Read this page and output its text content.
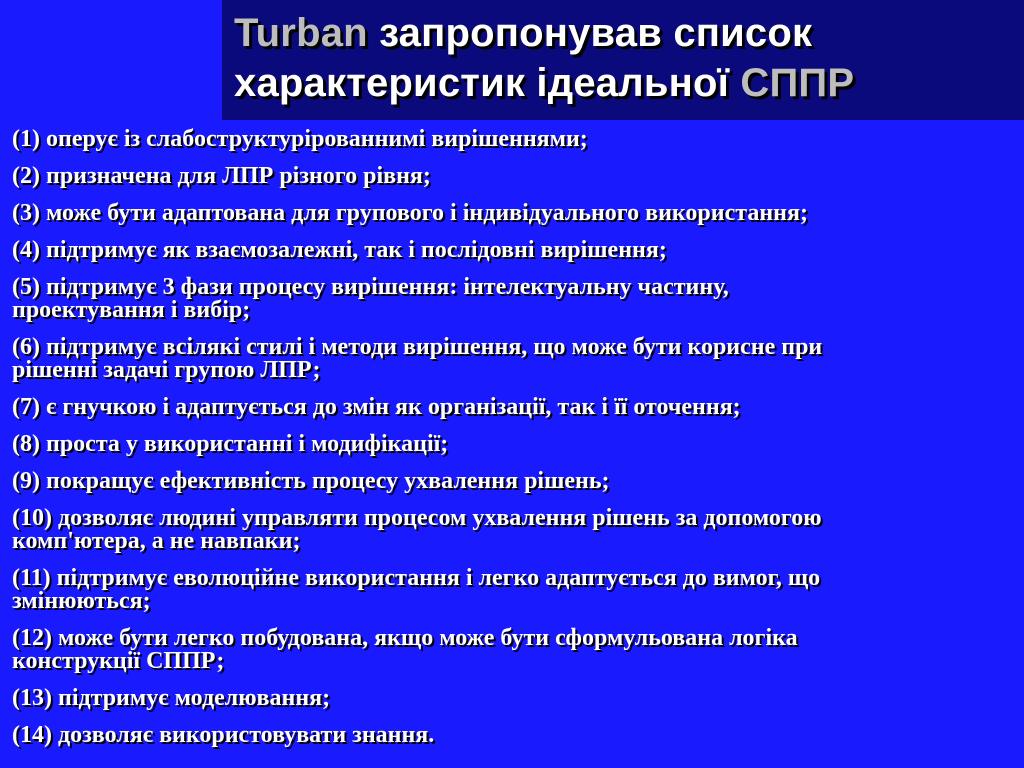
Turban запропонував список
характеристик ідеальної СППР
(1) оперує із слабоструктурірованнимі вирішеннями;
(2) призначена для ЛПР різного рівня;
(3) може бути адаптована для групового і індивідуального використання;
(4) підтримує як взаємозалежні, так і послідовні вирішення;
(5) підтримує 3 фази процесу вирішення: інтелектуальну частину,
проектування і вибір;
(6) підтримує всілякі стилі і методи вирішення, що може бути корисне при
рішенні задачі групою ЛПР;
(7) є гнучкою і адаптується до змін як організації, так і її оточення;
(8) проста у використанні і модифікації;
(9) покращує ефективність процесу ухвалення рішень;
(10) дозволяє людині управляти процесом ухвалення рішень за допомогою
комп'ютера, а не навпаки;
(11) підтримує еволюційне використання і легко адаптується до вимог, що
змінюються;
(12) може бути легко побудована, якщо може бути сформульована логіка
конструкції СППР;
(13) підтримує моделювання;
(14) дозволяє використовувати знання.
